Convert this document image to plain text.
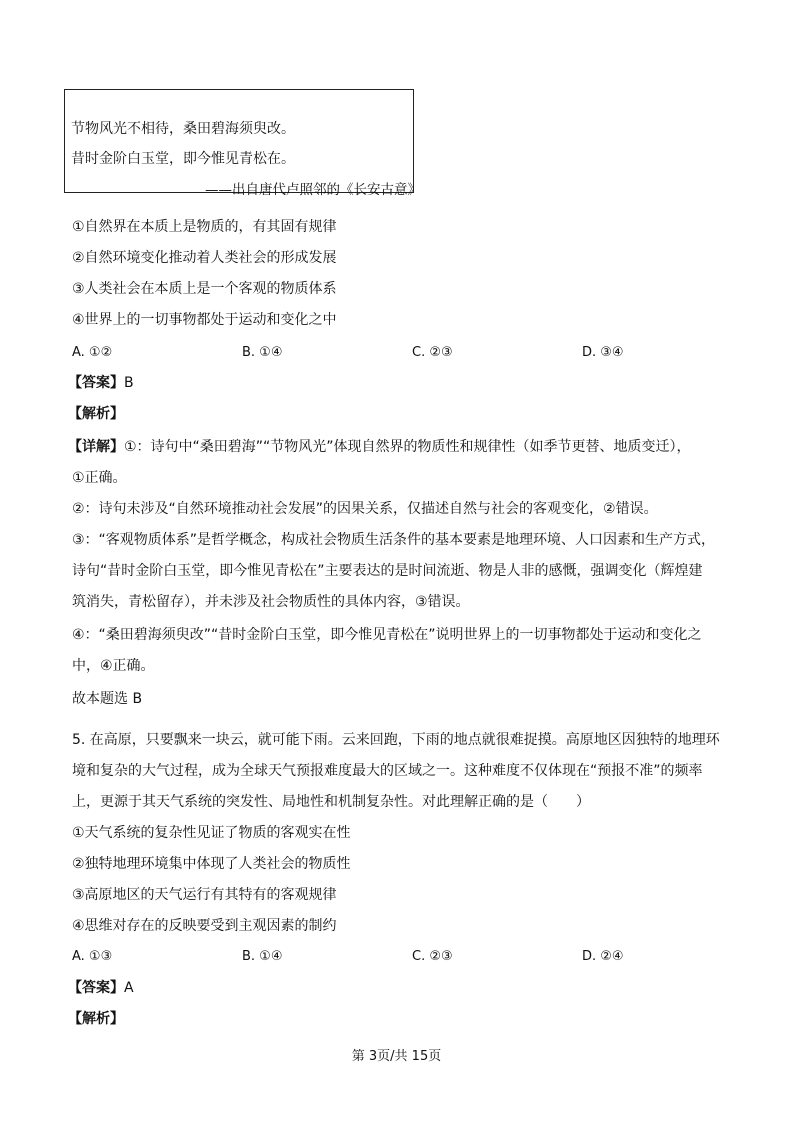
节物风光不相待，桑田碧海须臾改。
昔时金阶白玉堂，即今惟见青松在。
——出自唐代卢照邻的《长安古意》
①自然界在本质上是物质的，有其固有规律
②自然环境变化推动着人类社会的形成发展
③人类社会在本质上是一个客观的物质体系
④世界上的一切事物都处于运动和变化之中
A. ①②	B. ①④	C. ②③	D. ③④
【答案】B
【解析】
【详解】①：诗句中“桑田碧海”“节物风光”体现自然界的物质性和规律性（如季节更替、地质变迁），
①正确。
②：诗句未涉及“自然环境推动社会发展”的因果关系，仅描述自然与社会的客观变化，②错误。
③：“客观物质体系”是哲学概念，构成社会物质生活条件的基本要素是地理环境、人口因素和生产方式，
诗句“昔时金阶白玉堂，即今惟见青松在”主要表达的是时间流逝、物是人非的感慨，强调变化（辉煌建
筑消失，青松留存），并未涉及社会物质性的具体内容，③错误。
④：“桑田碧海须臾改”“昔时金阶白玉堂，即今惟见青松在”说明世界上的一切事物都处于运动和变化之
中，④正确。
故本题选 B
5. 在高原，只要飘来一块云，就可能下雨。云来回跑，下雨的地点就很难捉摸。高原地区因独特的地理环
境和复杂的大气过程，成为全球天气预报难度最大的区域之一。这种难度不仅体现在“预报不准”的频率
上，更源于其天气系统的突发性、局地性和机制复杂性。对此理解正确的是（　　）
①天气系统的复杂性见证了物质的客观实在性
②独特地理环境集中体现了人类社会的物质性
③高原地区的天气运行有其特有的客观规律
④思维对存在的反映要受到主观因素的制约
A. ①③	B. ①④	C. ②③	D. ②④
【答案】A
【解析】
第 3页/共 15页
